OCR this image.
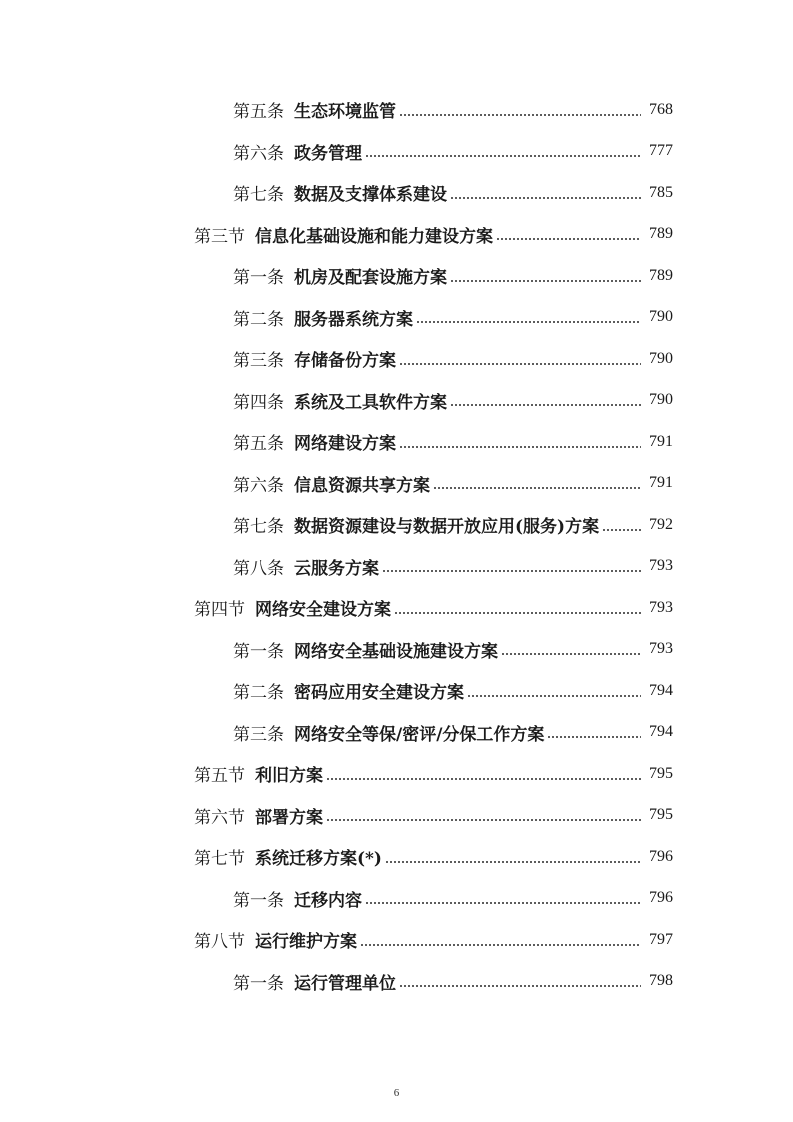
第五条 生态环境监管	768
第六条 政务管理	777
第七条 数据及支撑体系建设	785
第三节 信息化基础设施和能力建设方案	789
第一条 机房及配套设施方案	789
第二条 服务器系统方案	790
第三条 存储备份方案	790
第四条 系统及工具软件方案	790
第五条 网络建设方案	791
第六条 信息资源共享方案	791
第七条 数据资源建设与数据开放应用(服务)方案	792
第八条 云服务方案	793
第四节 网络安全建设方案	793
第一条 网络安全基础设施建设方案	793
第二条 密码应用安全建设方案	794
第三条 网络安全等保/密评/分保工作方案	794
第五节 利旧方案	795
第六节 部署方案	795
第七节 系统迁移方案(*)	796
第一条 迁移内容	796
第八节 运行维护方案	797
第一条 运行管理单位	798
6
